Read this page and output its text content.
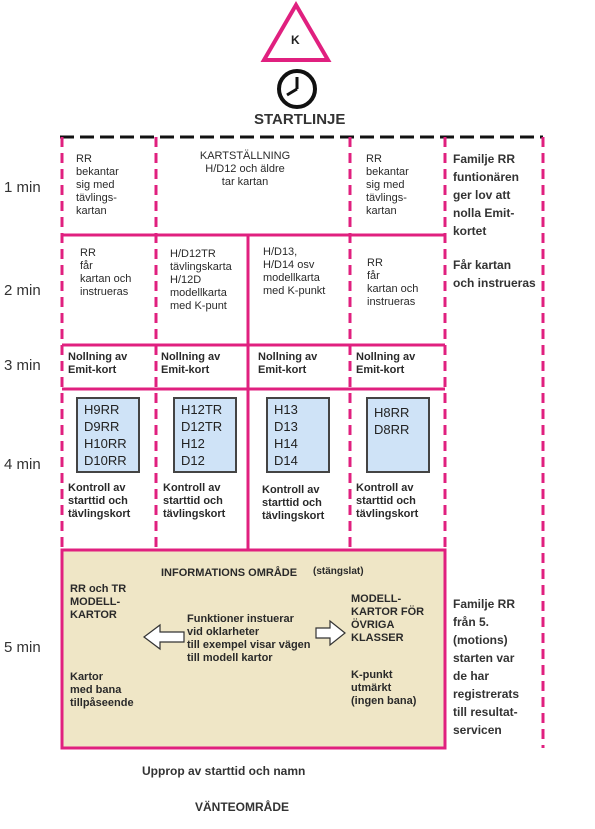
K
STARTLINJE
1 min
2 min
3 min
4 min
5 min
RR
bekantar
sig med
tävlings-
kartan
KARTSTÄLLNING
H/D12 och äldre
tar kartan
RR
bekantar
sig med
tävlings-
kartan
RR
får
kartan och
instrueras
H/D12TR
tävlingskarta
H/12D
modellkarta
med K-punt
H/D13,
H/D14 osv
modellkarta
med K-punkt
RR
får
kartan och
instrueras
Nollning av
Emit-kort
Nollning av
Emit-kort
Nollning av
Emit-kort
Nollning av
Emit-kort
H9RR
D9RR
H10RR
D10RR
H12TR
D12TR
H12
D12
H13
D13
H14
D14
H8RR
D8RR
Kontroll av
starttid och
tävlingskort
Kontroll av
starttid och
tävlingskort
Kontroll av
starttid och
tävlingskort
Kontroll av
starttid och
tävlingskort
INFORMATIONS OMRÅDE (stängslat)
RR och TR
MODELL-
KARTOR
Kartor
med bana
tillpåseende
Funktioner instuerar
vid oklarheter
till exempel visar vägen
till modell kartor
MODELL-
KARTOR FÖR
ÖVRIGA
KLASSER
K-punkt
utmärkt
(ingen bana)
Familje RR
funtionären
ger lov att
nolla Emit-
kortet
Får kartan
och instrueras
Familje RR
från 5.
(motions)
starten var
de har
registrerats
till resultat-
servicen
Upprop av starttid och namn
VÄNTEOMRÅDE
